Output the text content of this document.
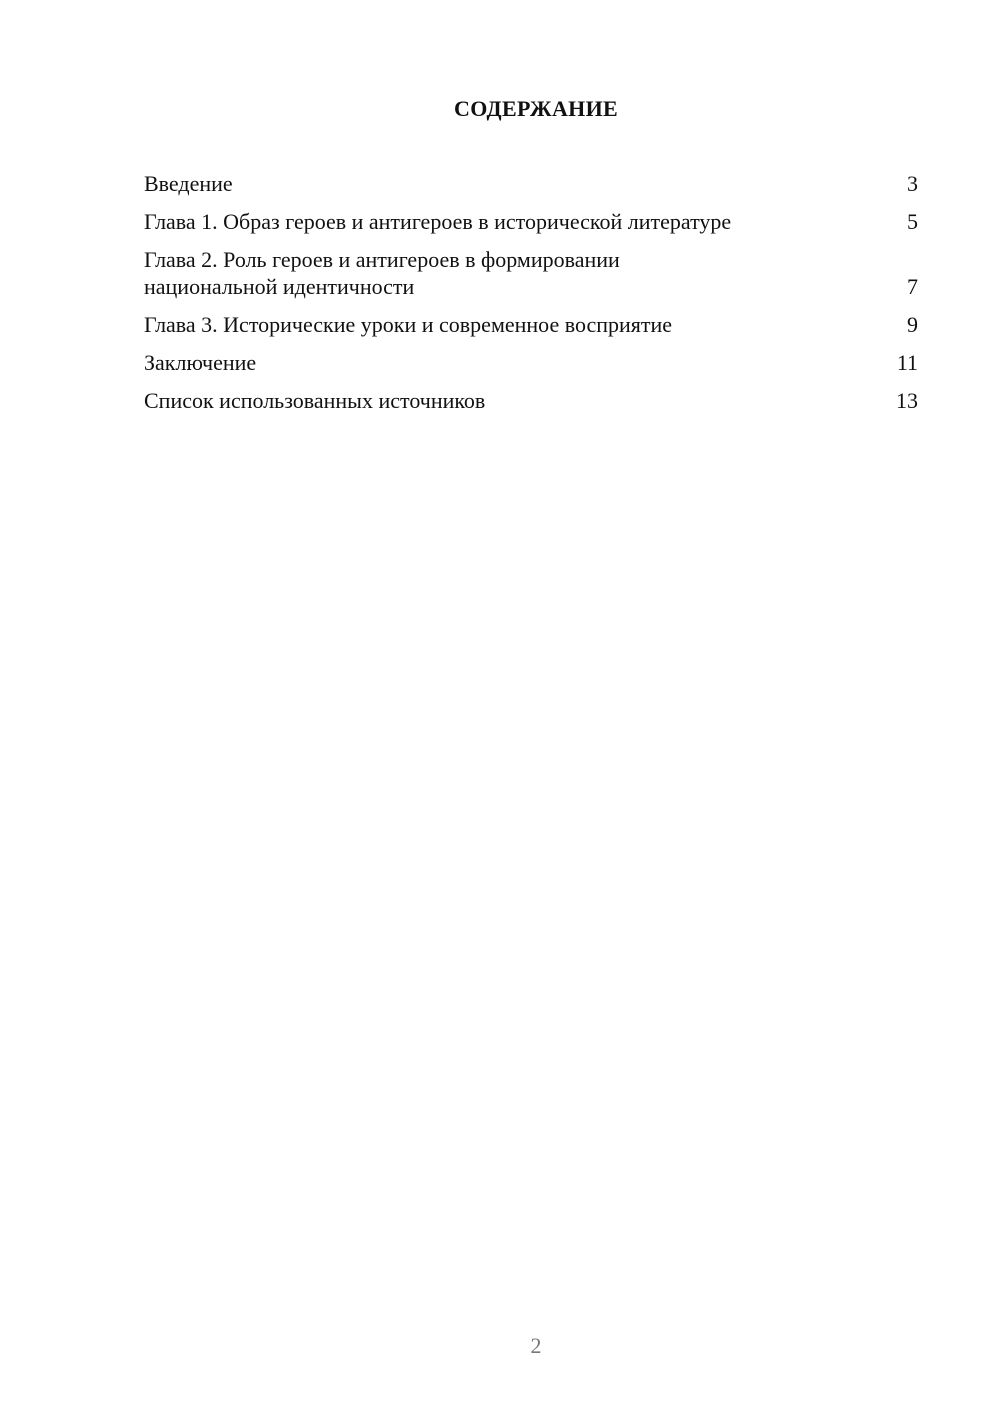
СОДЕРЖАНИЕ
Введение	3
Глава 1. Образ героев и антигероев в исторической литературе	5
Глава 2. Роль героев и антигероев в формировании национальной идентичности	7
Глава 3. Исторические уроки и современное восприятие	9
Заключение	11
Список использованных источников	13
2
